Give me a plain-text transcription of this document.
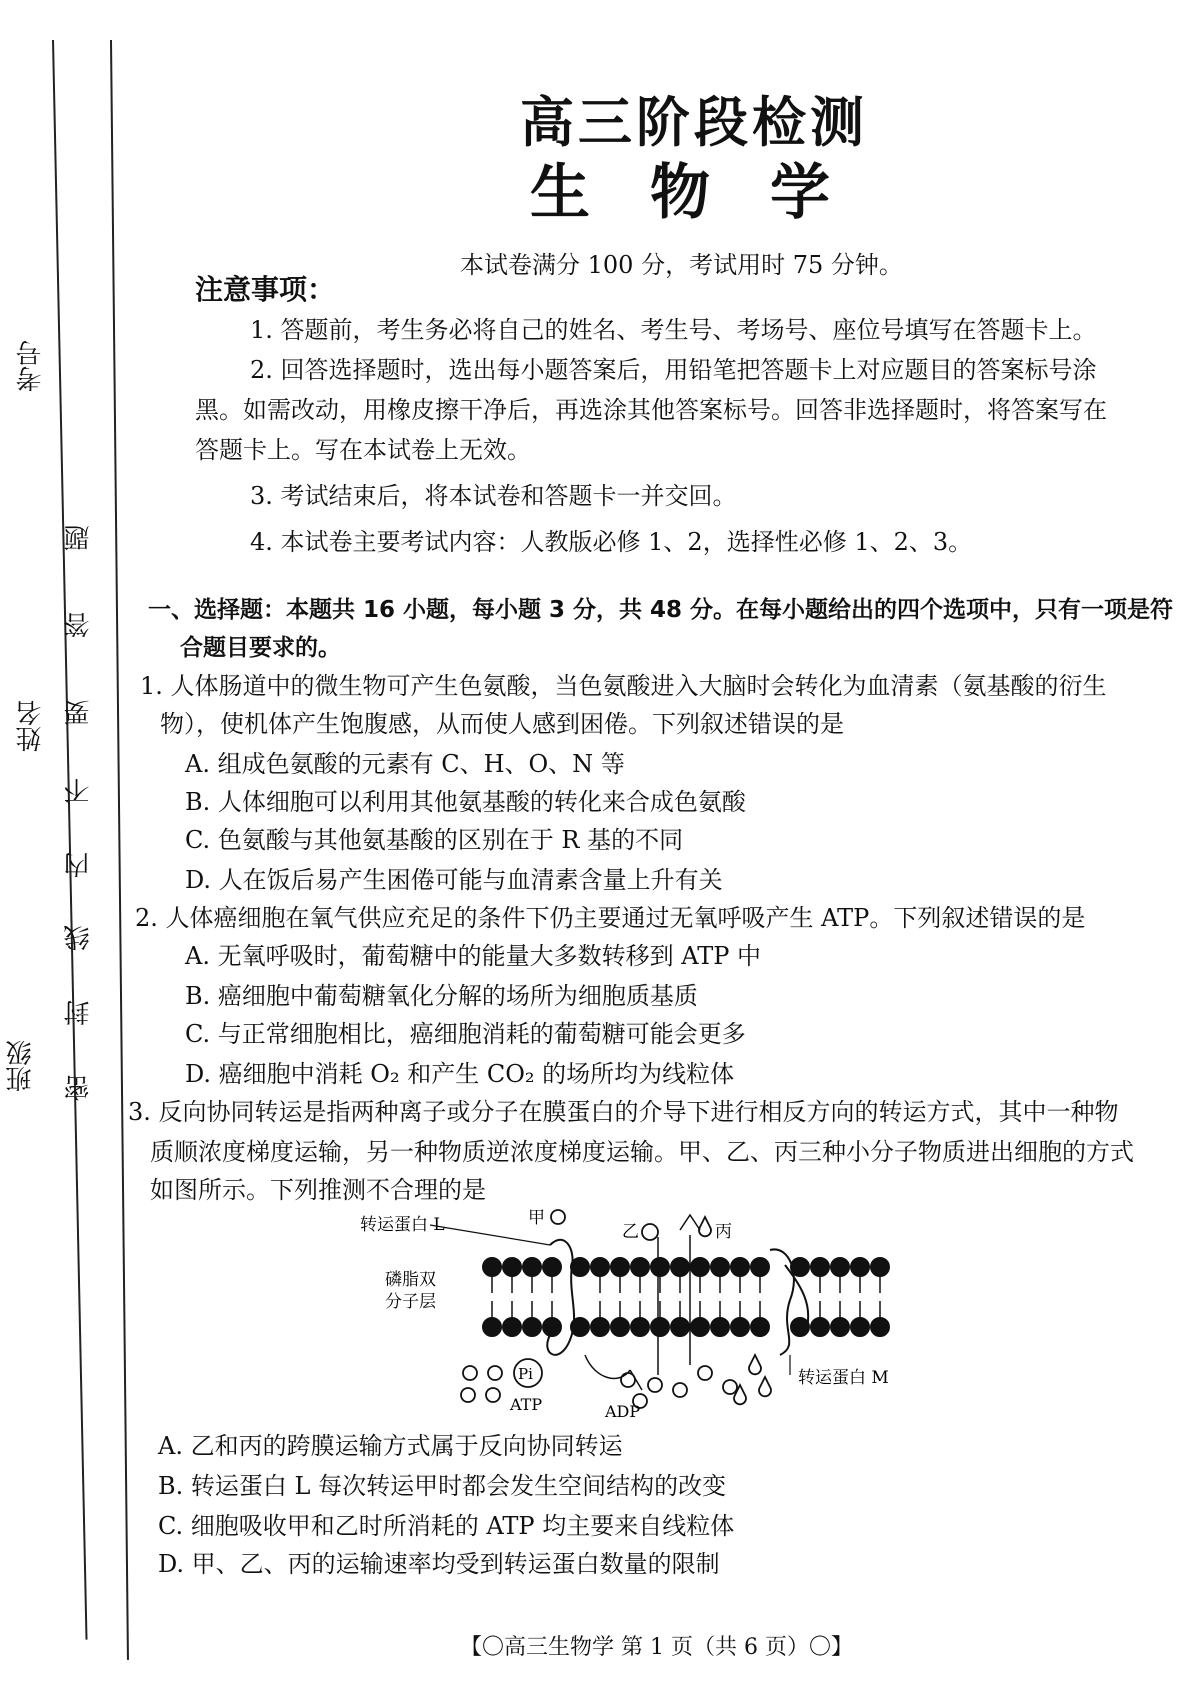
考号
姓名
班级 密
封
线
内
不
要
答
题
高三阶段检测
生物学
本试卷满分 100 分，考试用时 75 分钟。
注意事项：
1. 答题前，考生务必将自己的姓名、考生号、考场号、座位号填写在答题卡上。
2. 回答选择题时，选出每小题答案后，用铅笔把答题卡上对应题目的答案标号涂
黑。如需改动，用橡皮擦干净后，再选涂其他答案标号。回答非选择题时，将答案写在
答题卡上。写在本试卷上无效。
3. 考试结束后，将本试卷和答题卡一并交回。
4. 本试卷主要考试内容：人教版必修 1、2，选择性必修 1、2、3。
一、选择题：本题共 16 小题，每小题 3 分，共 48 分。在每小题给出的四个选项中，只有一项是符
合题目要求的。
1. 人体肠道中的微生物可产生色氨酸，当色氨酸进入大脑时会转化为血清素（氨基酸的衍生
物），使机体产生饱腹感，从而使人感到困倦。下列叙述错误的是
A. 组成色氨酸的元素有 C、H、O、N 等
B. 人体细胞可以利用其他氨基酸的转化来合成色氨酸
C. 色氨酸与其他氨基酸的区别在于 R 基的不同
D. 人在饭后易产生困倦可能与血清素含量上升有关
2. 人体癌细胞在氧气供应充足的条件下仍主要通过无氧呼吸产生 ATP。下列叙述错误的是
A. 无氧呼吸时，葡萄糖中的能量大多数转移到 ATP 中
B. 癌细胞中葡萄糖氧化分解的场所为细胞质基质
C. 与正常细胞相比，癌细胞消耗的葡萄糖可能会更多
D. 癌细胞中消耗 O₂ 和产生 CO₂ 的场所均为线粒体
3. 反向协同转运是指两种离子或分子在膜蛋白的介导下进行相反方向的转运方式，其中一种物
质顺浓度梯度运输，另一种物质逆浓度梯度运输。甲、乙、丙三种小分子物质进出细胞的方式
如图所示。下列推测不合理的是
转运蛋白 L	甲
乙	丙
磷脂双
分子层
Pi
ATP	ADP
转运蛋白 M
A. 乙和丙的跨膜运输方式属于反向协同转运
B. 转运蛋白 L 每次转运甲时都会发生空间结构的改变
C. 细胞吸收甲和乙时所消耗的 ATP 均主要来自线粒体
D. 甲、乙、丙的运输速率均受到转运蛋白数量的限制
【〇高三生物学 第 1 页（共 6 页）〇】
